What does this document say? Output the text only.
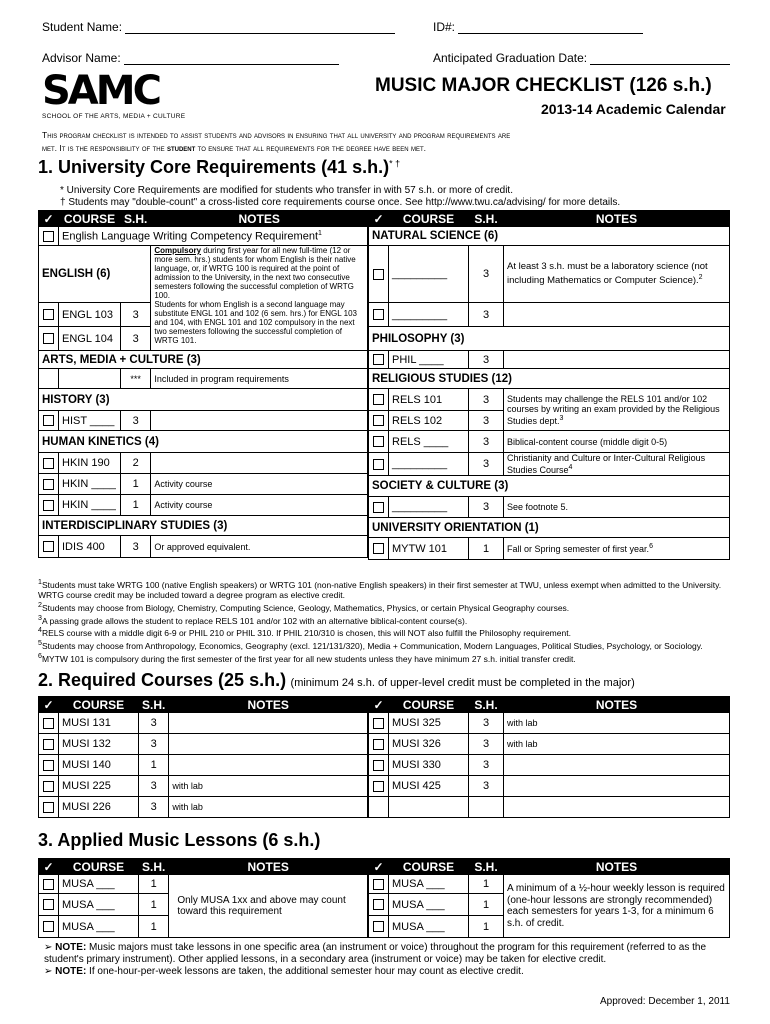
Student Name:	ID#:
Advisor Name:	Anticipated Graduation Date:
SAMC
SCHOOL OF THE ARTS, MEDIA + CULTURE
MUSIC MAJOR CHECKLIST (126 s.h.)
2013-14 Academic Calendar
This program checklist is intended to assist students and advisors in ensuring that all university and program requirements are
met. It is the responsibility of the student to ensure that all requirements for the degree have been met.
1. University Core Requirements (41 s.h.)* †
* University Core Requirements are modified for students who transfer in with 57 s.h. or more of credit.
† Students may "double-count" a cross-listed core requirements course once. See http://www.twu.ca/advising/ for more details.
✓	COURSE	S.H.	NOTES
	English Language Writing Competency Requirement$^1$
ENGLISH (6)			Compulsory during first year for all new full-time (12 or more sem. hrs.) students for whom English is their native language, or, if WRTG 100 is required at the point of admission to the University, in the next two consecutive semesters following the successful completion of WRTG 100.
Students for whom English is a second language may substitute ENGL 101 and 102 (6 sem. hrs.) for ENGL 103 and 104, with ENGL 101 and 102 compulsory in the next two semesters following the successful completion of WRTG 101.
	ENGL 103	3	
	ENGL 104	3	
ARTS, MEDIA + CULTURE (3)			
		***	Included in program requirements
HISTORY (3)			
	HIST ____	3	
HUMAN KINETICS (4)			
	HKIN 190	2	
	HKIN ____	1	Activity course
	HKIN ____	1	Activity course
INTERDISCIPLINARY STUDIES (3)			
	IDIS 400	3	Or approved equivalent.
✓	COURSE	S.H.	NOTES
NATURAL SCIENCE (6)			
	_________	3	At least 3 s.h. must be a laboratory science (not including Mathematics or Computer Science).$^2$
	_________	3	
PHILOSOPHY (3)			
	PHIL ____	3	
RELIGIOUS STUDIES (12)			
	RELS 101	3	Students may challenge the RELS 101 and/or 102 courses by writing an exam provided by the Religious Studies dept.$^3$
	RELS 102	3	
	RELS ____	3	Biblical-content course (middle digit 0-5)
	_________	3	Christianity and Culture or Inter-Cultural Religious Studies Course$^4$
SOCIETY & CULTURE (3)			
	_________	3	See footnote 5.
UNIVERSITY ORIENTATION (1)			
	MYTW 101	1	Fall or Spring semester of first year.$^6$
$^1$Students must take WRTG 100 (native English speakers) or WRTG 101 (non-native English speakers) in their first semester at TWU, unless exempt when admitted to the University. WRTG course credit may be included toward a degree program as elective credit.
$^2$Students may choose from Biology, Chemistry, Computing Science, Geology, Mathematics, Physics, or certain Physical Geography courses.
$^3$A passing grade allows the student to replace RELS 101 and/or 102 with an alternative biblical-content course(s).
$^4$RELS course with a middle digit 6-9 or PHIL 210 or PHIL 310. If PHIL 210/310 is chosen, this will NOT also fulfill the Philosophy requirement.
$^5$Students may choose from Anthropology, Economics, Geography (excl. 121/131/320), Media + Communication, Modern Languages, Political Studies, Psychology, or Sociology.
$^6$MYTW 101 is compulsory during the first semester of the first year for all new students unless they have minimum 27 s.h. initial transfer credit.
2. Required Courses (25 s.h.) (minimum 24 s.h. of upper-level credit must be completed in the major)
✓	COURSE	S.H.	NOTES
	MUSI 131	3	
	MUSI 132	3	
	MUSI 140	1	
	MUSI 225	3	with lab
	MUSI 226	3	with lab
✓	COURSE	S.H.	NOTES
	MUSI 325	3	with lab
	MUSI 326	3	with lab
	MUSI 330	3	
	MUSI 425	3	

3. Applied Music Lessons (6 s.h.)
✓	COURSE	S.H.	NOTES
	MUSA ___	1	Only MUSA 1xx and above may count toward this requirement
	MUSA ___	1	
	MUSA ___	1	
✓	COURSE	S.H.	NOTES
	MUSA ___	1	A minimum of a ½-hour weekly lesson is required (one-hour lessons are strongly recommended) each semesters for years 1-3, for a minimum 6 s.h. of credit.
	MUSA ___	1	
	MUSA ___	1	
➢ NOTE: Music majors must take lessons in one specific area (an instrument or voice) throughout the program for this requirement (referred to as the student's primary instrument). Other applied lessons, in a secondary area (instrument or voice) may be taken for elective credit.
➢ NOTE: If one-hour-per-week lessons are taken, the additional semester hour may count as elective credit.
Approved: December 1, 2011
